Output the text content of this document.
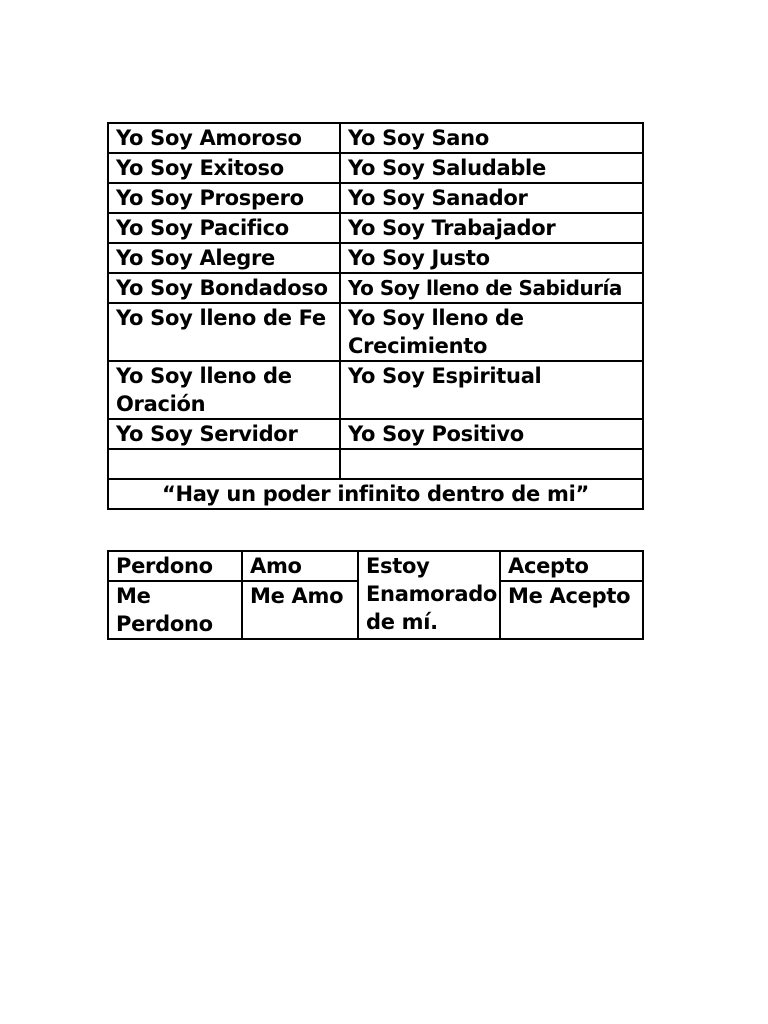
Yo Soy Amoroso	Yo Soy Sano
Yo Soy Exitoso	Yo Soy Saludable
Yo Soy Prospero	Yo Soy Sanador
Yo Soy Pacifico	Yo Soy Trabajador
Yo Soy Alegre	Yo Soy Justo
Yo Soy Bondadoso	Yo Soy lleno de Sabiduría
Yo Soy lleno de Fe	Yo Soy lleno de Crecimiento
Yo Soy lleno de Oración	Yo Soy Espiritual
Yo Soy Servidor	Yo Soy Positivo

“Hay un poder infinito dentro de mi”	
Perdono	Amo	Estoy Enamorado de mí.	Acepto
Me Perdono	Me Amo		Me Acepto
